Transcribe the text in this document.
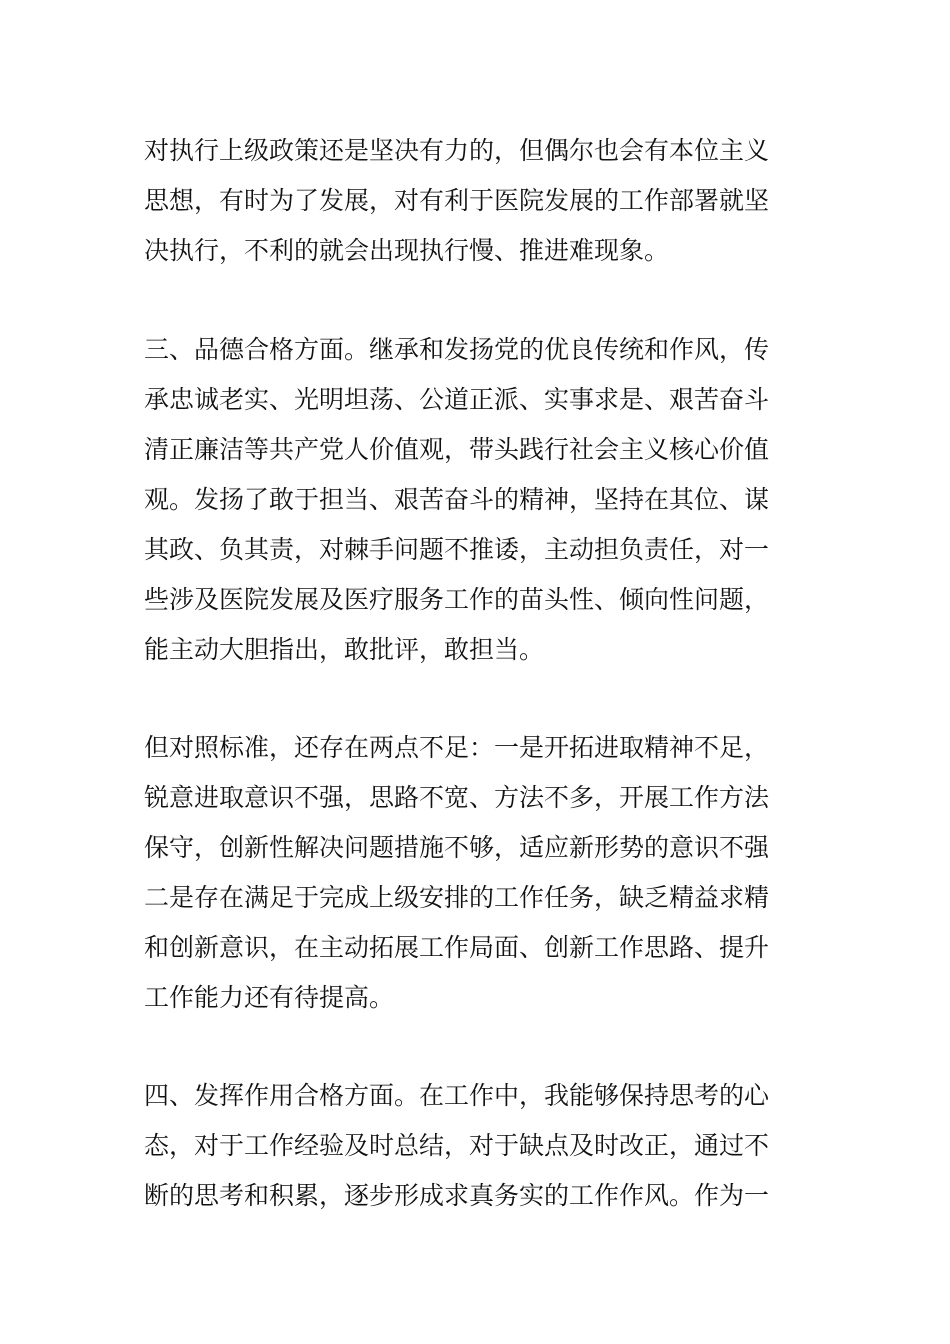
对执行上级政策还是坚决有力的，但偶尔也会有本位主义
思想，有时为了发展，对有利于医院发展的工作部署就坚
决执行，不利的就会出现执行慢、推进难现象。

三、品德合格方面。继承和发扬党的优良传统和作风，传
承忠诚老实、光明坦荡、公道正派、实事求是、艰苦奋斗
清正廉洁等共产党人价值观，带头践行社会主义核心价值
观。发扬了敢于担当、艰苦奋斗的精神，坚持在其位、谋
其政、负其责，对棘手问题不推诿，主动担负责任，对一
些涉及医院发展及医疗服务工作的苗头性、倾向性问题，
能主动大胆指出，敢批评，敢担当。

但对照标准，还存在两点不足：一是开拓进取精神不足，
锐意进取意识不强，思路不宽、方法不多，开展工作方法
保守，创新性解决问题措施不够，适应新形势的意识不强
二是存在满足于完成上级安排的工作任务，缺乏精益求精
和创新意识，在主动拓展工作局面、创新工作思路、提升
工作能力还有待提高。

四、发挥作用合格方面。在工作中，我能够保持思考的心
态，对于工作经验及时总结，对于缺点及时改正，通过不
断的思考和积累，逐步形成求真务实的工作作风。作为一
